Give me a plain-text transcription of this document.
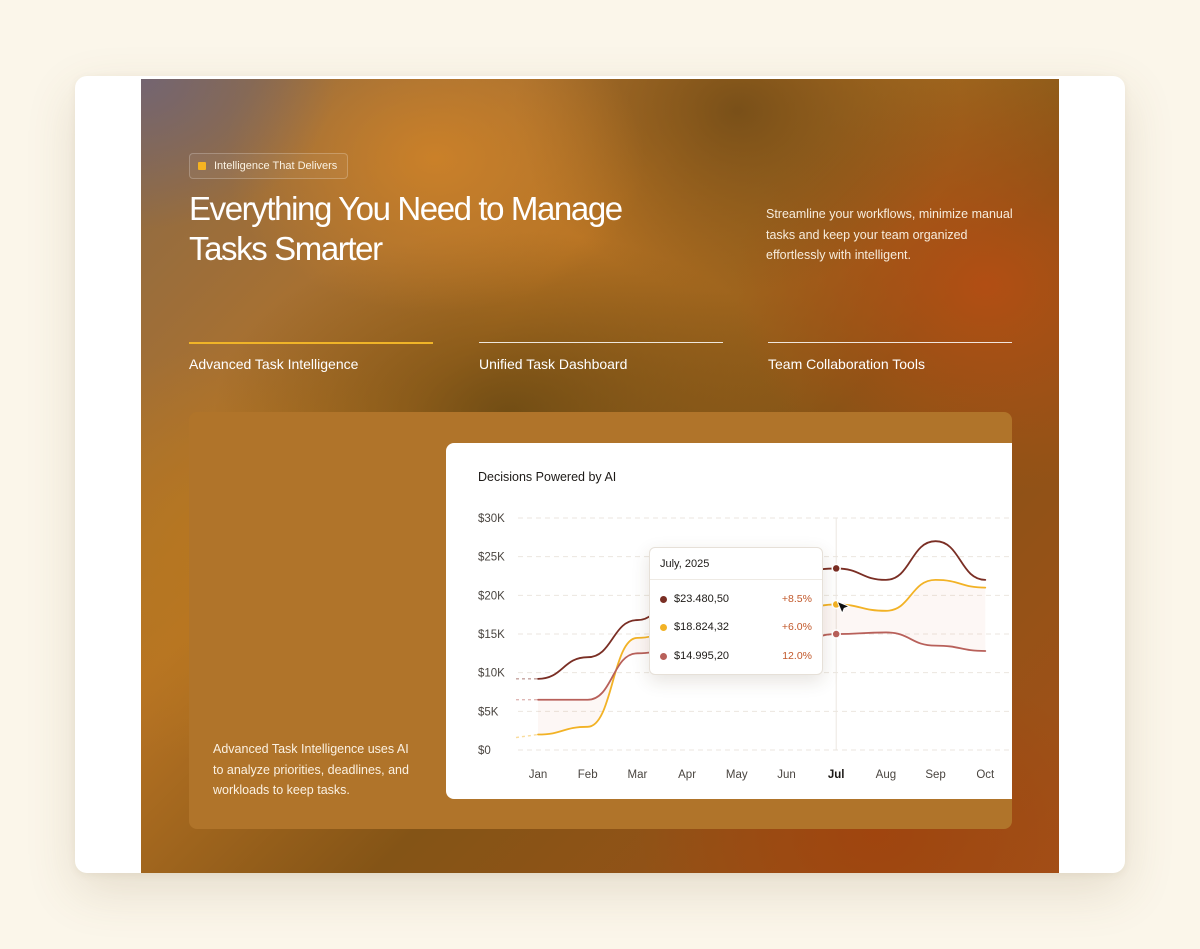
Intelligence That Delivers
Everything You Need to Manage Tasks Smarter

Streamline your workflows, minimize manual tasks and keep your team organized effortlessly with intelligent.

Advanced Task Intelligence	Unified Task Dashboard	Team Collaboration Tools

Advanced Task Intelligence uses AI to analyze priorities, deadlines, and workloads to keep tasks.

Decisions Powered by AI
$0
$5K
$10K
$15K
$20K
$25K
$30K
Jan	Feb	Mar	Apr	May	Jun	Jul	Aug	Sep	Oct
July, 2025
$23.480,50	+8.5%
$18.824,32	+6.0%
$14.995,20	12.0%
